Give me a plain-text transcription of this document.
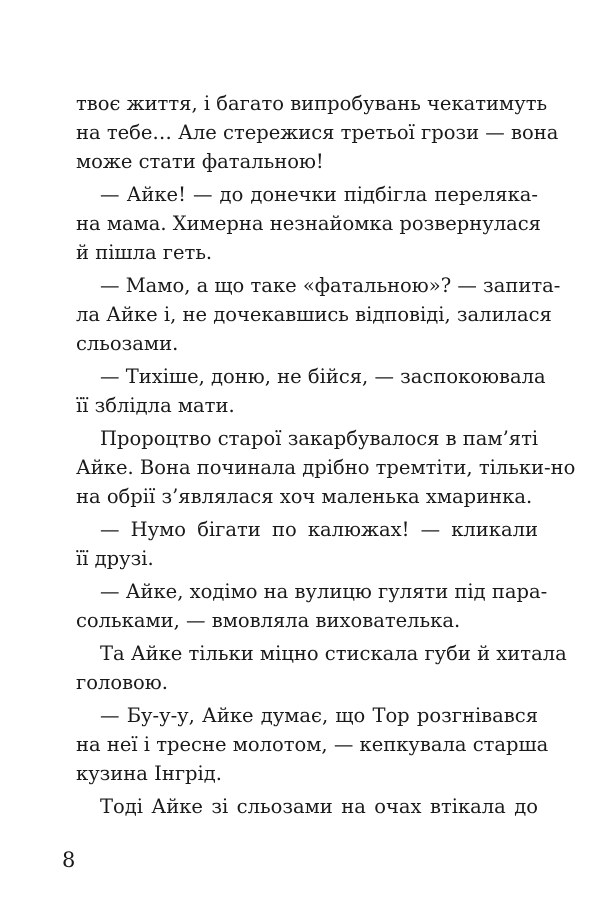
твоє життя, і багато випробувань чекатимуть
на тебе… Але стережися третьої грози — вона
може стати фатальною!
— Айке! — до донечки підбігла переляка-
на мама. Химерна незнайомка розвернулася
й пішла геть.
— Мамо, а що таке «фатальною»? — запита-
ла Айке і, не дочекавшись відповіді, залилася
сльозами.
— Тихіше, доню, не бійся, — заспокоювала
її зблідла мати.
Пророцтво старої закарбувалося в пам’яті
Айке. Вона починала дрібно тремтіти, тільки-но
на обрії з’являлася хоч маленька хмаринка.
— Нумо бігати по калюжах! — кликали
її друзі.
— Айке, ходімо на вулицю гуляти під пара-
сольками, — вмовляла вихователька.
Та Айке тільки міцно стискала губи й хитала
головою.
— Бу-у-у, Айке думає, що Тор розгнівався
на неї і тресне молотом, — кепкувала старша
кузина Інгрід.
Тоді Айке зі сльозами на очах втікала до
8
